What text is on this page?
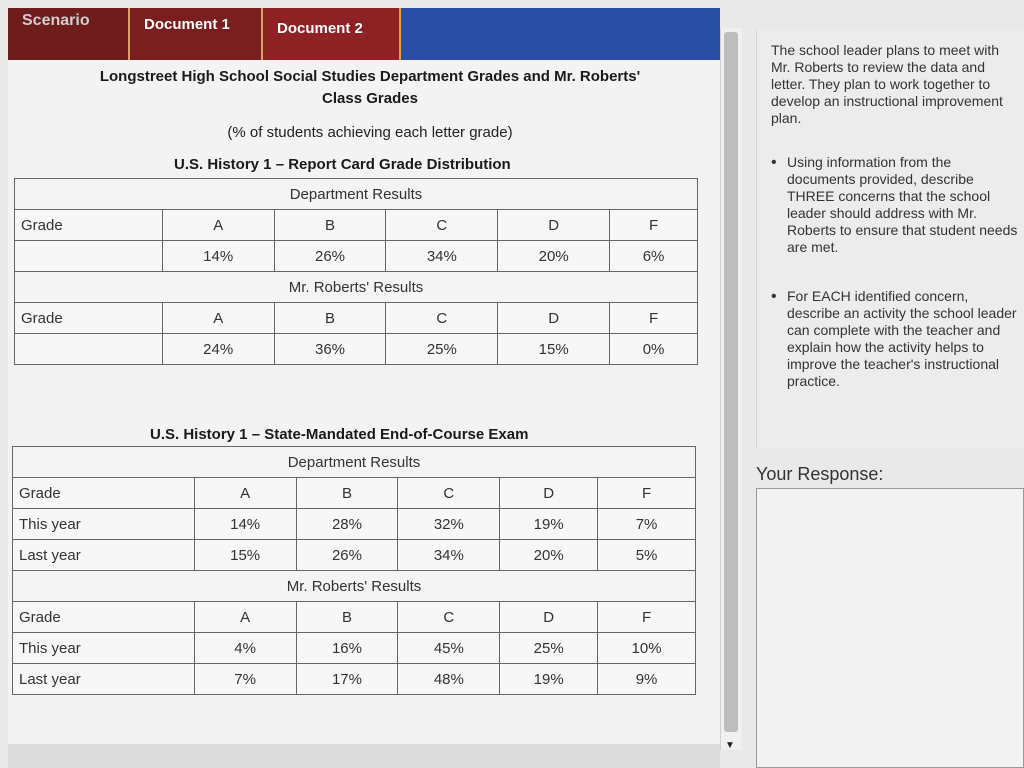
Scenario	Document 1	Document 2
Longstreet High School Social Studies Department Grades and Mr. Roberts'
Class Grades
(% of students achieving each letter grade)
U.S. History 1 – Report Card Grade Distribution
Department Results					
Grade	A	B	C	D	F
	14%	26%	34%	20%	6%
Mr. Roberts' Results					
Grade	A	B	C	D	F
	24%	36%	25%	15%	0%
U.S. History 1 – State-Mandated End-of-Course Exam
Department Results					
Grade	A	B	C	D	F
This year	14%	28%	32%	19%	7%
Last year	15%	26%	34%	20%	5%
Mr. Roberts' Results					
Grade	A	B	C	D	F
This year	4%	16%	45%	25%	10%
Last year	7%	17%	48%	19%	9%
▼
The school leader plans to meet with Mr. Roberts to review the data and letter. They plan to work together to develop an instructional improvement plan.
• Using information from the documents provided, describe THREE concerns that the school leader should address with Mr. Roberts to ensure that student needs are met.
• For EACH identified concern, describe an activity the school leader can complete with the teacher and explain how the activity helps to improve the teacher's instructional practice.
Your Response:
